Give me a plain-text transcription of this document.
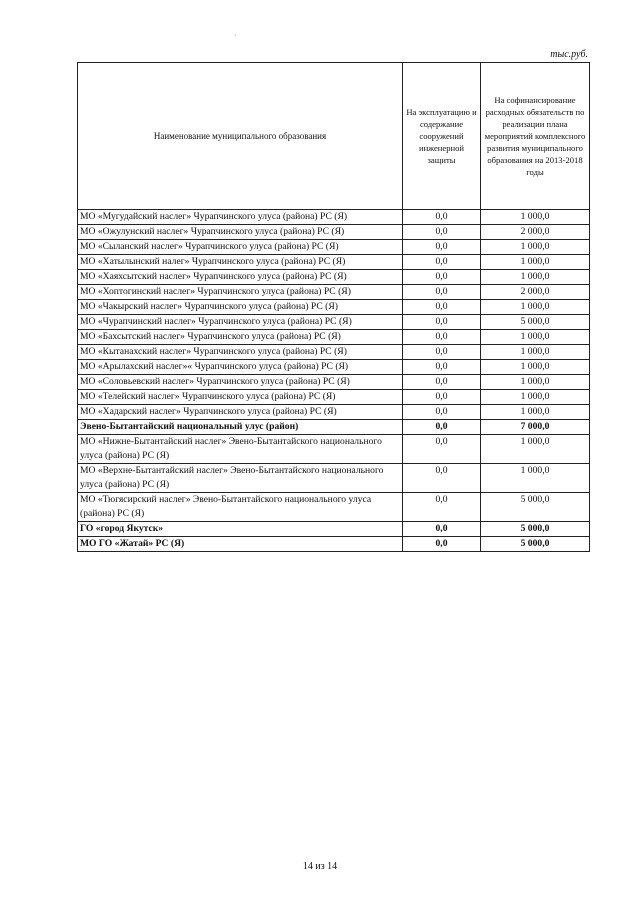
·
тыс.руб.
Наименование муниципального образования	На эксплуатацию и содержание сооружений инженерной защиты	На софинансирование расходных обязательств по реализации плана мероприятий комплексного развития муниципального образования на 2013-2018 годы
МО «Мугудайский наслег» Чурапчинского улуса (района) РС (Я)	0,0	1 000,0
МО «Ожулунский наслег» Чурапчинского улуса (района) РС (Я)	0,0	2 000,0
МО «Сыланский наслег» Чурапчинского улуса (района) РС (Я)	0,0	1 000,0
МО «Хатылынский налег» Чурапчинского улуса (района) РС (Я)	0,0	1 000,0
МО «Хаяхсытский наслег» Чурапчинского улуса (района) РС (Я)	0,0	1 000,0
МО «Хоптогинский наслег» Чурапчинского улуса (района) РС (Я)	0,0	2 000,0
МО «Чакырский наслег» Чурапчинского улуса (района) РС (Я)	0,0	1 000,0
МО «Чурапчинский наслег» Чурапчинского улуса (района) РС (Я)	0,0	5 000,0
МО «Бахсытский наслег» Чурапчинского улуса (района) РС (Я)	0,0	1 000,0
МО «Кытанахский наслег» Чурапчинского улуса (района) РС (Я)	0,0	1 000,0
МО «Арылахский наслег»« Чурапчинского улуса (района) РС (Я)	0,0	1 000,0
МО «Соловьевский наслег» Чурапчинского улуса (района) РС (Я)	0,0	1 000,0
МО «Телейский наслег» Чурапчинского улуса (района) РС (Я)	0,0	1 000,0
МО «Хадарский наслег» Чурапчинского улуса (района) РС (Я)	0,0	1 000,0
Эвено-Бытантайский национальный улус (район)	0,0	7 000,0
МО «Нижне-Бытантайский наслег» Эвено-Бытантайского национального улуса (района) РС (Я)	0,0	1 000,0
МО «Верхне-Бытантайский наслег» Эвено-Бытантайского национального улуса (района) РС (Я)	0,0	1 000,0
МО «Тюгясирский наслег» Эвено-Бытантайского национального улуса (района) РС (Я)	0,0	5 000,0
ГО «город Якутск»	0,0	5 000,0
МО ГО «Жатай» РС (Я)	0,0	5 000,0
14 из 14
